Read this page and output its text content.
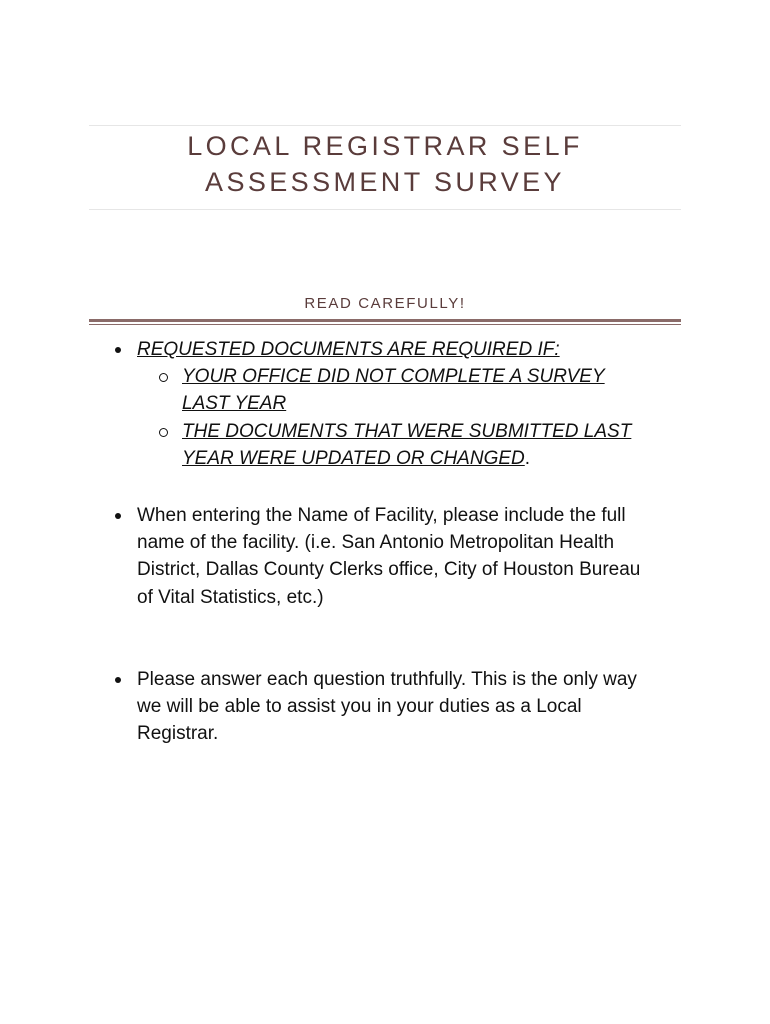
LOCAL REGISTRAR SELF
ASSESSMENT SURVEY
READ CAREFULLY!
REQUESTED DOCUMENTS ARE REQUIRED IF:
YOUR OFFICE DID NOT COMPLETE A SURVEY
LAST YEAR
THE DOCUMENTS THAT WERE SUBMITTED LAST
YEAR WERE UPDATED OR CHANGED.
When entering the Name of Facility, please include the full
name of the facility. (i.e. San Antonio Metropolitan Health
District, Dallas County Clerks office, City of Houston Bureau
of Vital Statistics, etc.)
Please answer each question truthfully. This is the only way
we will be able to assist you in your duties as a Local
Registrar.
